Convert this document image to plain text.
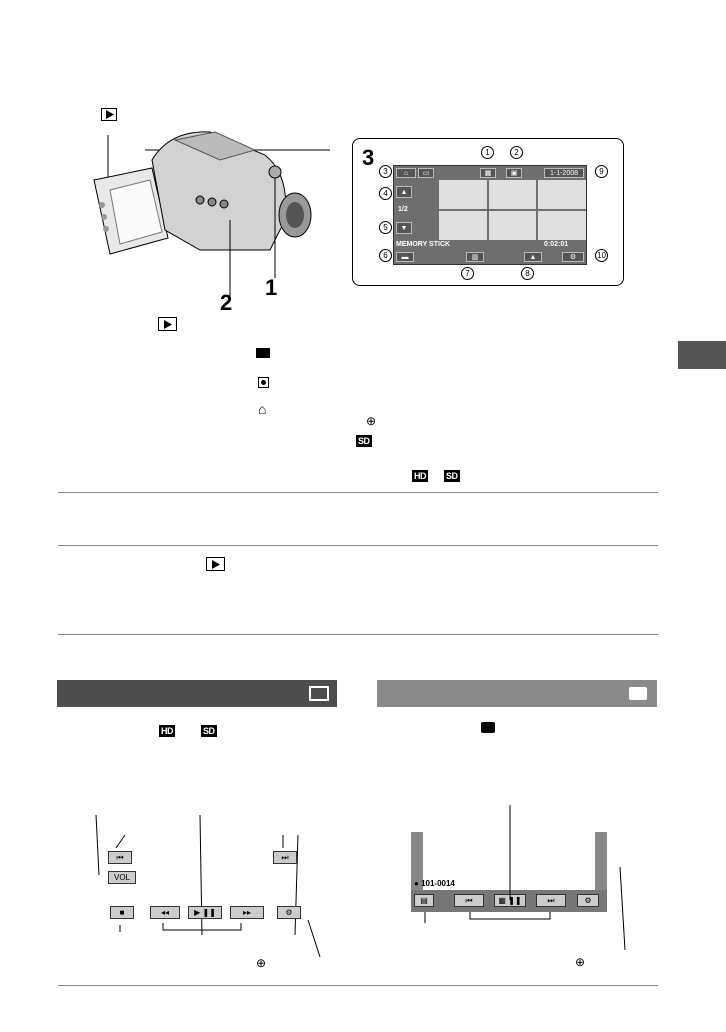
2
1
3
⌂	▭	▦	▣	1-1-2008
▲
1/2
▼
MEMORY STICK	0:02:01
▬	▥	▲	⚙
3
1	2
9
4
5
6
7	8
10
⌂
⊕
SD
HD SD
HD	SD
⏮
VOL
⏭
■	◂◂	▶ ❚❚	▸▸	⚙
⊕
● 101-0014
▤	⏮	▦ ❚❚	⏭	⚙
⊕
